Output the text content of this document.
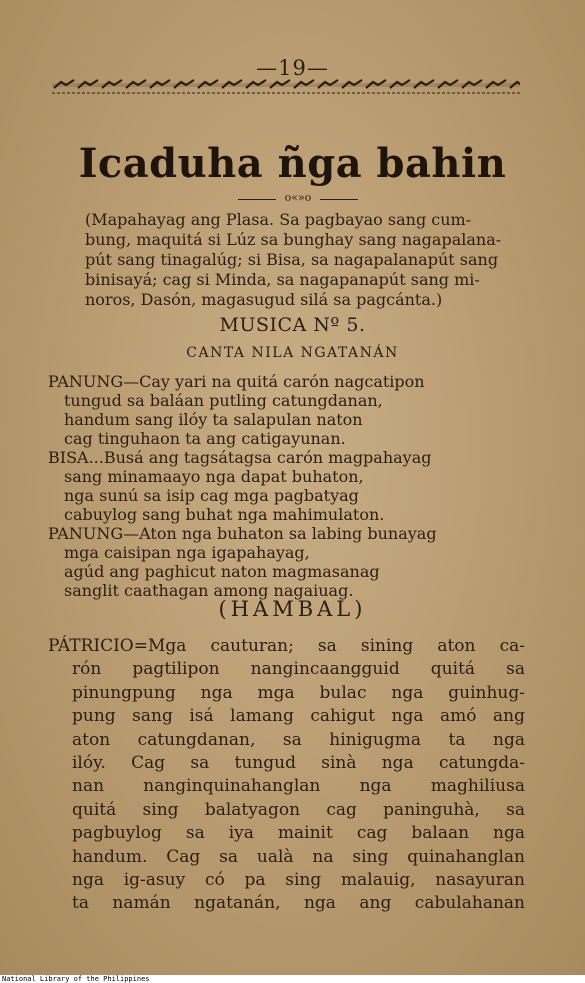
—19—
Icaduha ñga bahin
o«»o
(Mapahayag ang Plasa. Sa pagbayao sang cum-
bung, maquitá si Lúz sa bunghay sang nagapalana-
pút sang tinagalúg; si Bisa, sa nagapalanapút sang
binisayá; cag si Minda, sa nagapanapút sang mi-
noros, Dasón, magasugud silá sa pagcánta.)
MUSICA Nº 5.
CANTA NILA NGATANÁN
PANUNG—Cay yari na quitá carón nagcatipon
tungud sa baláan putling catungdanan,
handum sang ilóy ta salapulan naton
cag tinguhaon ta ang catigayunan.
BISA...Busá ang tagsátagsa carón magpahayag
sang minamaayo nga dapat buhaton,
nga sunú sa isip cag mga pagbatyag
cabuylog sang buhat nga mahimulaton.
PANUNG—Aton nga buhaton sa labing bunayag
mga caisipan nga igapahayag,
agúd ang paghicut naton magmasanag
sanglit caathagan among nagaiuag.
(HAMBAL)
PÁTRICIO=Mga cauturan; sa sining aton ca-
rón pagtilipon nangincaangguid quitá sa
pinungpung nga mga bulac nga guinhug-
pung sang isá lamang cahigut nga amó ang
aton catungdanan, sa hinigugma ta nga
ilóy. Cag sa tungud sinà nga catungda-
nan nanginquinahanglan nga maghiliusa
quitá sing balatyagon cag paninguhà, sa
pagbuylog sa iya mainit cag balaan nga
handum. Cag sa ualà na sing quinahanglan
nga ig-asuy có pa sing malauig, nasayuran
ta namán ngatanán, nga ang cabulahanan
National Library of the Philippines
